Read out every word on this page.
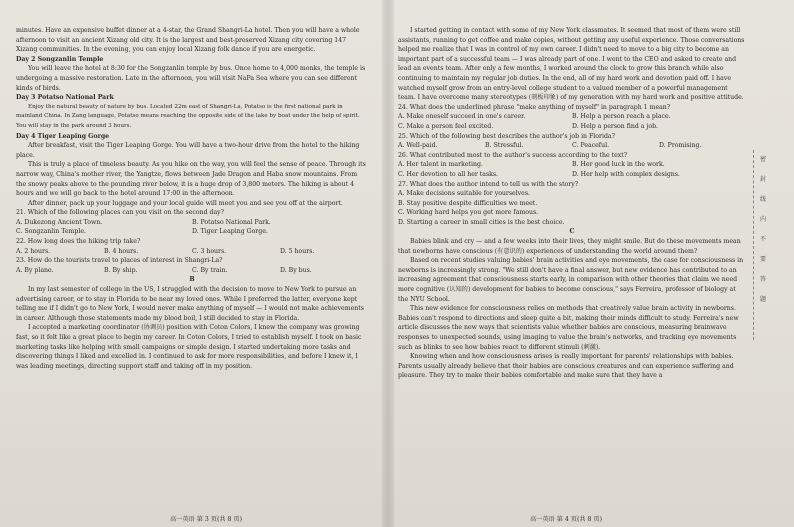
minutes. Have an expensive buffet dinner at a 4-star, the Grand Shangri-La hotel. Then you will have a whole afternoon to visit an ancient Xizang old city. It is the largest and best-preserved Xizang city covering 147 Xizang communities. In the evening, you can enjoy local Xizang folk dance if you are energetic.

Day 2 Songzanlin Temple

You will leave the hotel at 8:30 for the Songzanlin temple by bus. Once home to 4,000 monks, the temple is undergoing a massive restoration. Late in the afternoon, you will visit NaPa Sea where you can see different kinds of birds.

Day 3 Potatso National Park

Enjoy the natural beauty of nature by bus. Located 22m east of Shangri-La, Potatso is the first national park in mainland China. In Zang language, Potatso means reaching the opposite side of the lake by boat under the help of spirit. You will stay in the park around 3 hours.

Day 4 Tiger Leaping Gorge

After breakfast, visit the Tiger Leaping Gorge. You will have a two-hour drive from the hotel to the hiking place.

This is truly a place of timeless beauty. As you hike on the way, you will feel the sense of peace. Through its narrow way, China's mother river, the Yangtze, flows between Jade Dragon and Haba snow mountains. From the snowy peaks above to the pounding river below, it is a huge drop of 3,800 meters. The hiking is about 4 hours and we will go back to the hotel around 17:00 in the afternoon.

After dinner, pack up your luggage and your local guide will meet you and see you off at the airport.

21. Which of the following places can you visit on the second day?

A. Dukezong Ancient Town.	B. Potatso National Park.
C. Songzanlin Temple.	D. Tiger Leaping Gorge.

22. How long does the hiking trip take?

A. 2 hours.	B. 4 hours.	C. 3 hours.	D. 5 hours.

23. How do the tourists travel to places of interest in Shangri-La?

A. By plane.	B. By ship.	C. By train.	D. By bus.

B

In my last semester of college in the US, I struggled with the decision to move to New York to pursue an advertising career, or to stay in Florida to be near my loved ones. While I preferred the latter, everyone kept telling me if I didn't go to New York, I would never make anything of myself — I would not make achievements in career. Although those statements made my blood boil, I still decided to stay in Florida.

I accepted a marketing coordinator (协调员) position with Coton Colors, I knew the company was growing fast, so it felt like a great place to begin my career. In Coton Colors, I tried to establish myself. I took on basic marketing tasks like helping with small campaigns or simple design. I started undertaking more tasks and discovering things I liked and excelled in. I continued to ask for more responsibilities, and before I knew it, I was leading meetings, directing support staff and taking off in my position.

I started getting in contact with some of my New York classmates. It seemed that most of them were still assistants, running to get coffee and make copies, without getting any useful experience. Those conversations helped me realize that I was in control of my own career. I didn't need to move to a big city to become an important part of a successful team — I was already part of one. I went to the CEO and asked to create and lead an events team. After only a few months, I worked around the clock to grow this branch while also continuing to maintain my regular job duties. In the end, all of my hard work and devotion paid off. I have watched myself grow from an entry-level college student to a valued member of a powerful management team. I have overcome many stereotypes (刻板印象) of my generation with my hard work and positive attitude.

24. What does the underlined phrase "make anything of myself" in paragraph 1 mean?

A. Make oneself succeed in one's career.	B. Help a person reach a place.
C. Make a person feel excited.	D. Help a person find a job.

25. Which of the following best describes the author's job in Florida?

A. Well-paid.	B. Stressful.	C. Peaceful.	D. Promising.

26. What contributed most to the author's success according to the text?

A. Her talent in marketing.	B. Her good luck in the work.
C. Her devotion to all her tasks.	D. Her help with complex designs.

27. What does the author intend to tell us with the story?

A. Make decisions suitable for yourselves.

B. Stay positive despite difficulties we meet.

C. Working hard helps you get more famous.

D. Starting a career in small cities is the best choice.

C

Babies blink and cry — and a few weeks into their lives, they might smile. But do these movements mean that newborns have conscious (有意识的) experiences of understanding the world around them?

Based on recent studies valuing babies' brain activities and eye movements, the case for consciousness in newborns is increasingly strong. "We still don't have a final answer, but new evidence has contributed to an increasing agreement that consciousness starts early, in comparison with other theories that claim we need more cognitive (认知的) development for babies to become conscious," says Ferreira, professor of biology at the NYU School.

This new evidence for consciousness relies on methods that creatively value brain activity in newborns. Babies can't respond to directions and sleep quite a bit, making their minds difficult to study. Ferreira's new article discusses the new ways that scientists value whether babies are conscious, measuring brainwave responses to unexpected sounds, using imaging to value the brain's networks, and tracking eye movements such as blinks to see how babies react to different stimuli (刺激).

Knowing when and how consciousness arises is really important for parents' relationships with babies. Parents usually already believe that their babies are conscious creatures and can experience suffering and pleasure. They try to make their babies comfortable and make sure that they have a

密
封
线
内
不
要
答
题
高一英语 第 3 页(共 8 页)	高一英语 第 4 页(共 8 页)
